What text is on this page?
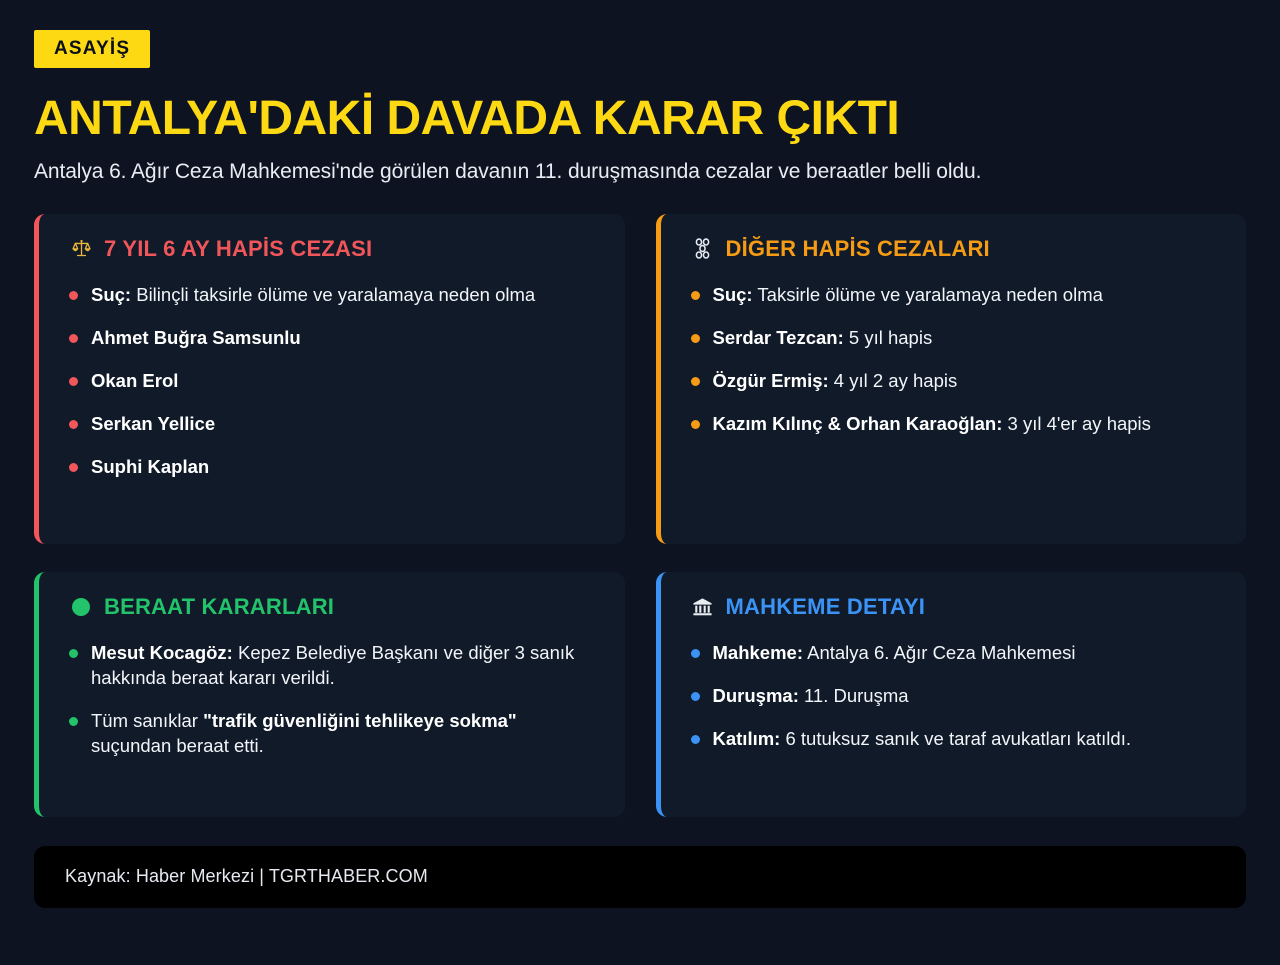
ASAYİŞ
ANTALYA'DAKİ DAVADA KARAR ÇIKTI

Antalya 6. Ağır Ceza Mahkemesi'nde görülen davanın 11. duruşmasında cezalar ve beraatler belli oldu.

7 YIL 6 AY HAPİS CEZASI
Suç: Bilinçli taksirle ölüme ve yaralamaya neden olma
Ahmet Buğra Samsunlu
Okan Erol
Serkan Yellice
Suphi Kaplan
DİĞER HAPİS CEZALARI
Suç: Taksirle ölüme ve yaralamaya neden olma
Serdar Tezcan: 5 yıl hapis
Özgür Ermiş: 4 yıl 2 ay hapis
Kazım Kılınç & Orhan Karaoğlan: 3 yıl 4'er ay hapis
BERAAT KARARLARI
Mesut Kocagöz: Kepez Belediye Başkanı ve diğer 3 sanık hakkında beraat kararı verildi.
Tüm sanıklar "trafik güvenliğini tehlikeye sokma" suçundan beraat etti.
MAHKEME DETAYI
Mahkeme: Antalya 6. Ağır Ceza Mahkemesi
Duruşma: 11. Duruşma
Katılım: 6 tutuksuz sanık ve taraf avukatları katıldı.
Kaynak: Haber Merkezi | TGRTHABER.COM
